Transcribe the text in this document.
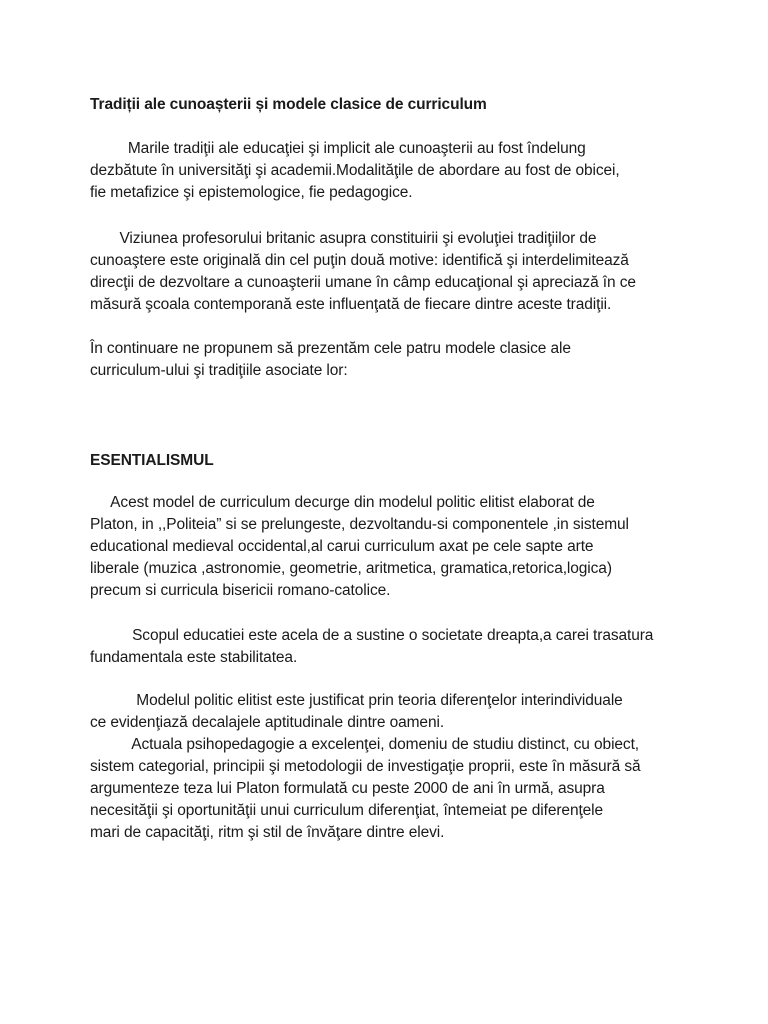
Tradiții ale cunoașterii și modele clasice de curriculum
Marile tradiţii ale educaţiei şi implicit ale cunoaşterii au fost îndelung
dezbătute în universităţi şi academii.Modalităţile de abordare au fost de obicei,
fie metafizice şi epistemologice, fie pedagogice.
Viziunea profesorului britanic asupra constituirii şi evoluţiei tradiţiilor de
cunoaştere este originală din cel puţin două motive: identifică şi interdelimitează
direcţii de dezvoltare a cunoaşterii umane în câmp educaţional şi apreciază în ce
măsură şcoala contemporană este influenţată de fiecare dintre aceste tradiţii.
În continuare ne propunem să prezentăm cele patru modele clasice ale
curriculum-ului şi tradiţiile asociate lor:
ESENTIALISMUL
Acest model de curriculum decurge din modelul politic elitist elaborat de
Platon, in ,,Politeia” si se prelungeste, dezvoltandu-si componentele ,in sistemul
educational medieval occidental,al carui curriculum axat pe cele sapte arte
liberale (muzica ,astronomie, geometrie, aritmetica, gramatica,retorica,logica)
precum si curricula bisericii romano-catolice.
Scopul educatiei este acela de a sustine o societate dreapta,a carei trasatura
fundamentala este stabilitatea.
Modelul politic elitist este justificat prin teoria diferenţelor interindividuale
ce evidenţiază decalajele aptitudinale dintre oameni.
Actuala psihopedagogie a excelenţei, domeniu de studiu distinct, cu obiect,
sistem categorial, principii şi metodologii de investigaţie proprii, este în măsură să
argumenteze teza lui Platon formulată cu peste 2000 de ani în urmă, asupra
necesităţii şi oportunităţii unui curriculum diferenţiat, întemeiat pe diferenţele
mari de capacităţi, ritm şi stil de învăţare dintre elevi.
